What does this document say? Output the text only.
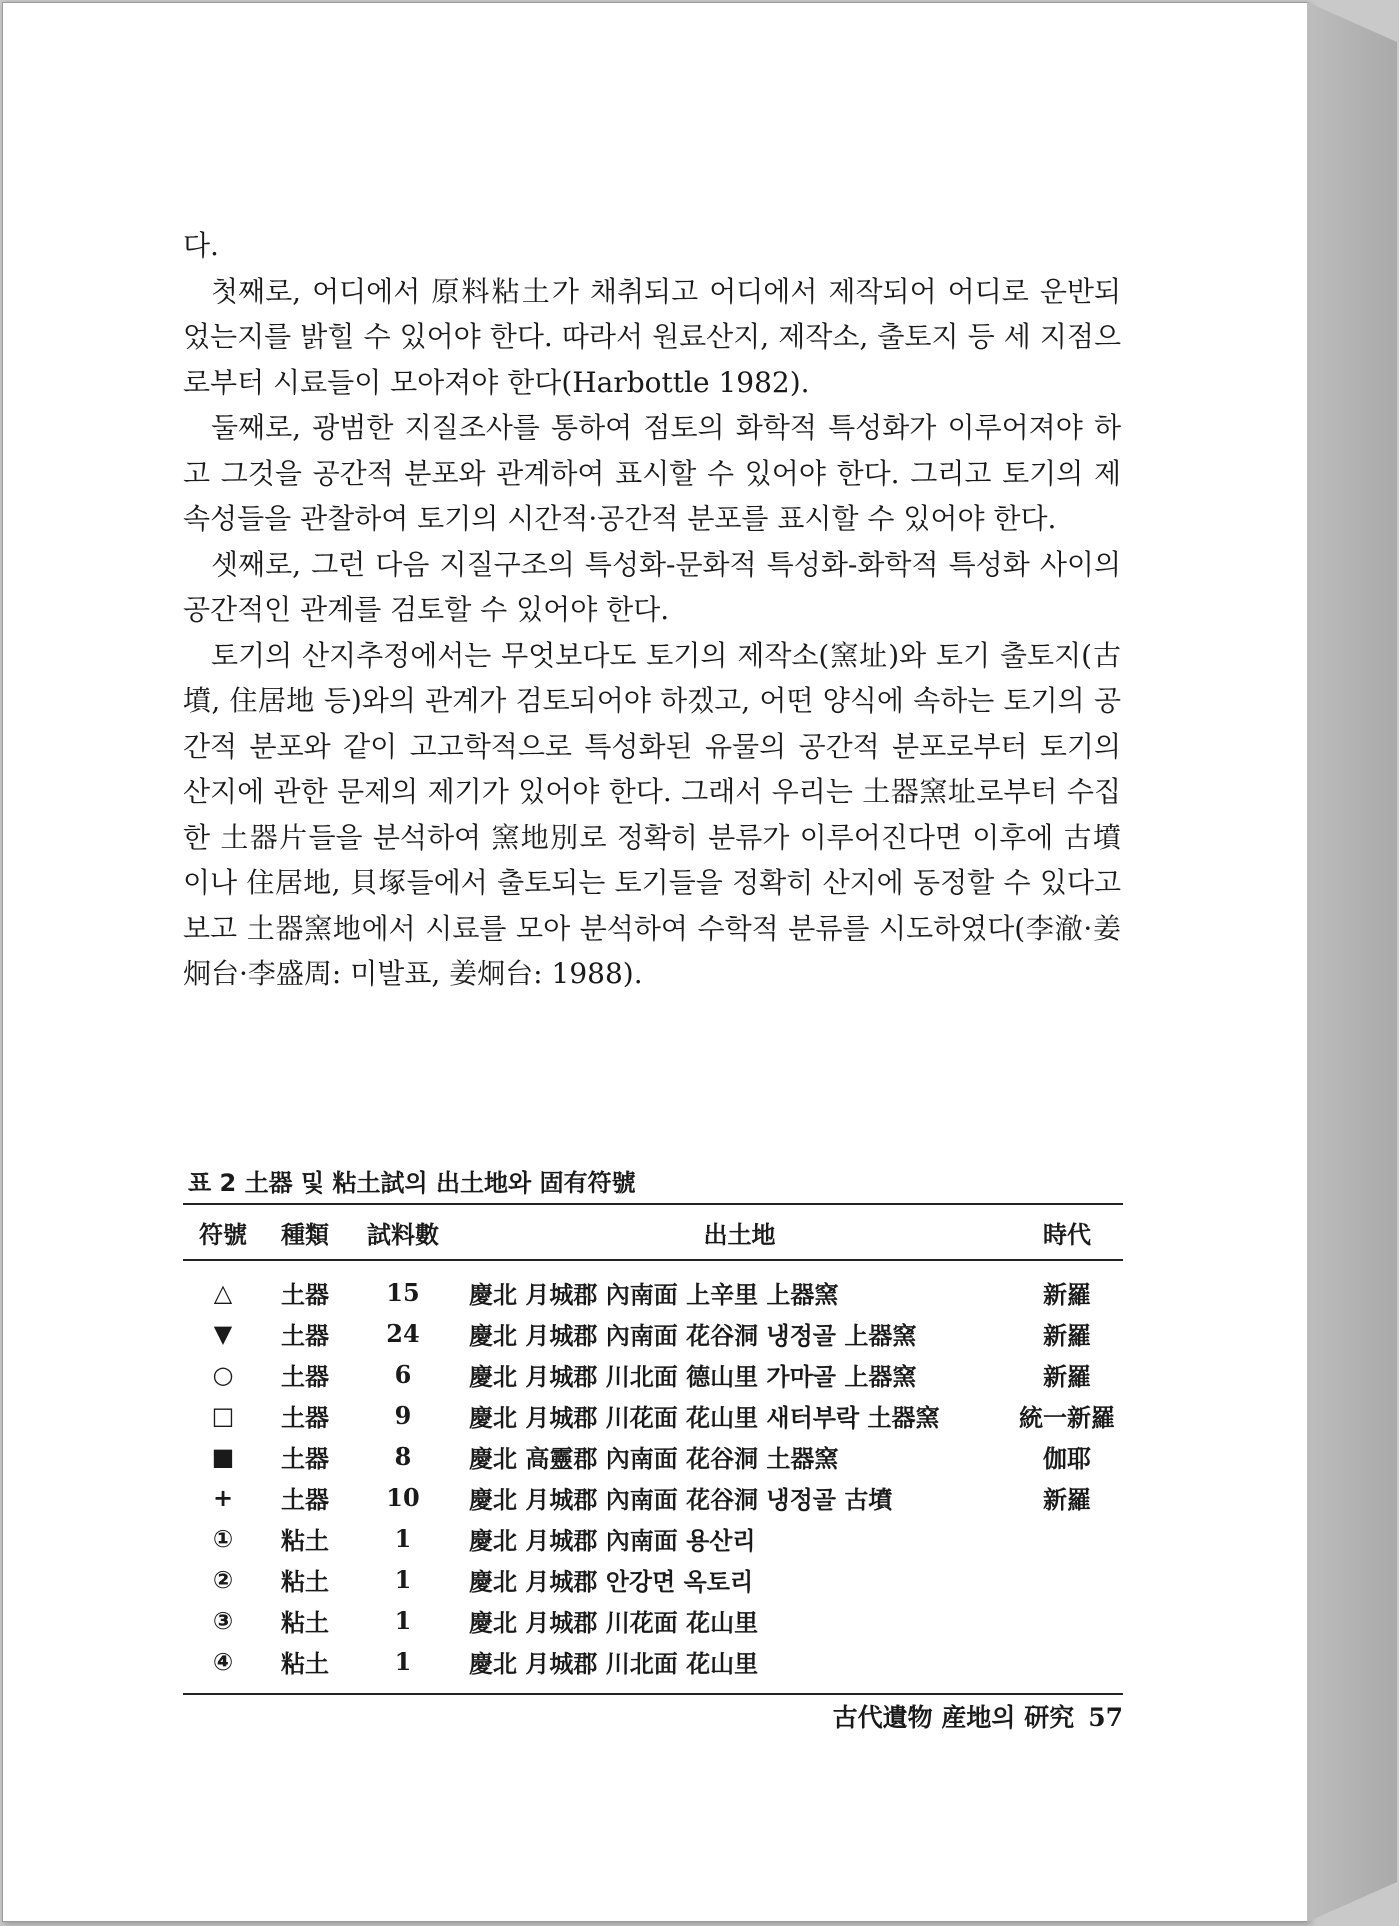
다.

첫째로, 어디에서 原料粘土가 채취되고 어디에서 제작되어 어디로 운반되었는지를 밝힐 수 있어야 한다. 따라서 원료산지, 제작소, 출토지 등 세 지점으로부터 시료들이 모아져야 한다(Harbottle 1982).

둘째로, 광범한 지질조사를 통하여 점토의 화학적 특성화가 이루어져야 하고 그것을 공간적 분포와 관계하여 표시할 수 있어야 한다. 그리고 토기의 제속성들을 관찰하여 토기의 시간적·공간적 분포를 표시할 수 있어야 한다.

셋째로, 그런 다음 지질구조의 특성화-문화적 특성화-화학적 특성화 사이의 공간적인 관계를 검토할 수 있어야 한다.

토기의 산지추정에서는 무엇보다도 토기의 제작소(窯址)와 토기 출토지(古墳, 住居地 등)와의 관계가 검토되어야 하겠고, 어떤 양식에 속하는 토기의 공간적 분포와 같이 고고학적으로 특성화된 유물의 공간적 분포로부터 토기의 산지에 관한 문제의 제기가 있어야 한다. 그래서 우리는 土器窯址로부터 수집한 土器片들을 분석하여 窯地別로 정확히 분류가 이루어진다면 이후에 古墳이나 住居地, 貝塚들에서 출토되는 토기들을 정확히 산지에 동정할 수 있다고 보고 土器窯地에서 시료를 모아 분석하여 수학적 분류를 시도하였다(李澈·姜炯台·李盛周: 미발표, 姜炯台: 1988).

표 2 土器 및 粘土試의 出土地와 固有符號
符號	種類	試料數	出土地	時代
△	土器	15	慶北 月城郡 內南面 上辛里 上器窯	新羅
▼	土器	24	慶北 月城郡 內南面 花谷洞 냉정골 上器窯	新羅
○	土器	6	慶北 月城郡 川北面 德山里 가마골 上器窯	新羅
□	土器	9	慶北 月城郡 川花面 花山里 새터부락 土器窯	統一新羅
■	土器	8	慶北 高靈郡 內南面 花谷洞 土器窯	伽耶
+	土器	10	慶北 月城郡 內南面 花谷洞 냉정골 古墳	新羅
①	粘土	1	慶北 月城郡 內南面 용산리	
②	粘土	1	慶北 月城郡 안강면 옥토리	
③	粘土	1	慶北 月城郡 川花面 花山里	
④	粘土	1	慶北 月城郡 川北面 花山里	
古代遺物 産地의 研究 57
